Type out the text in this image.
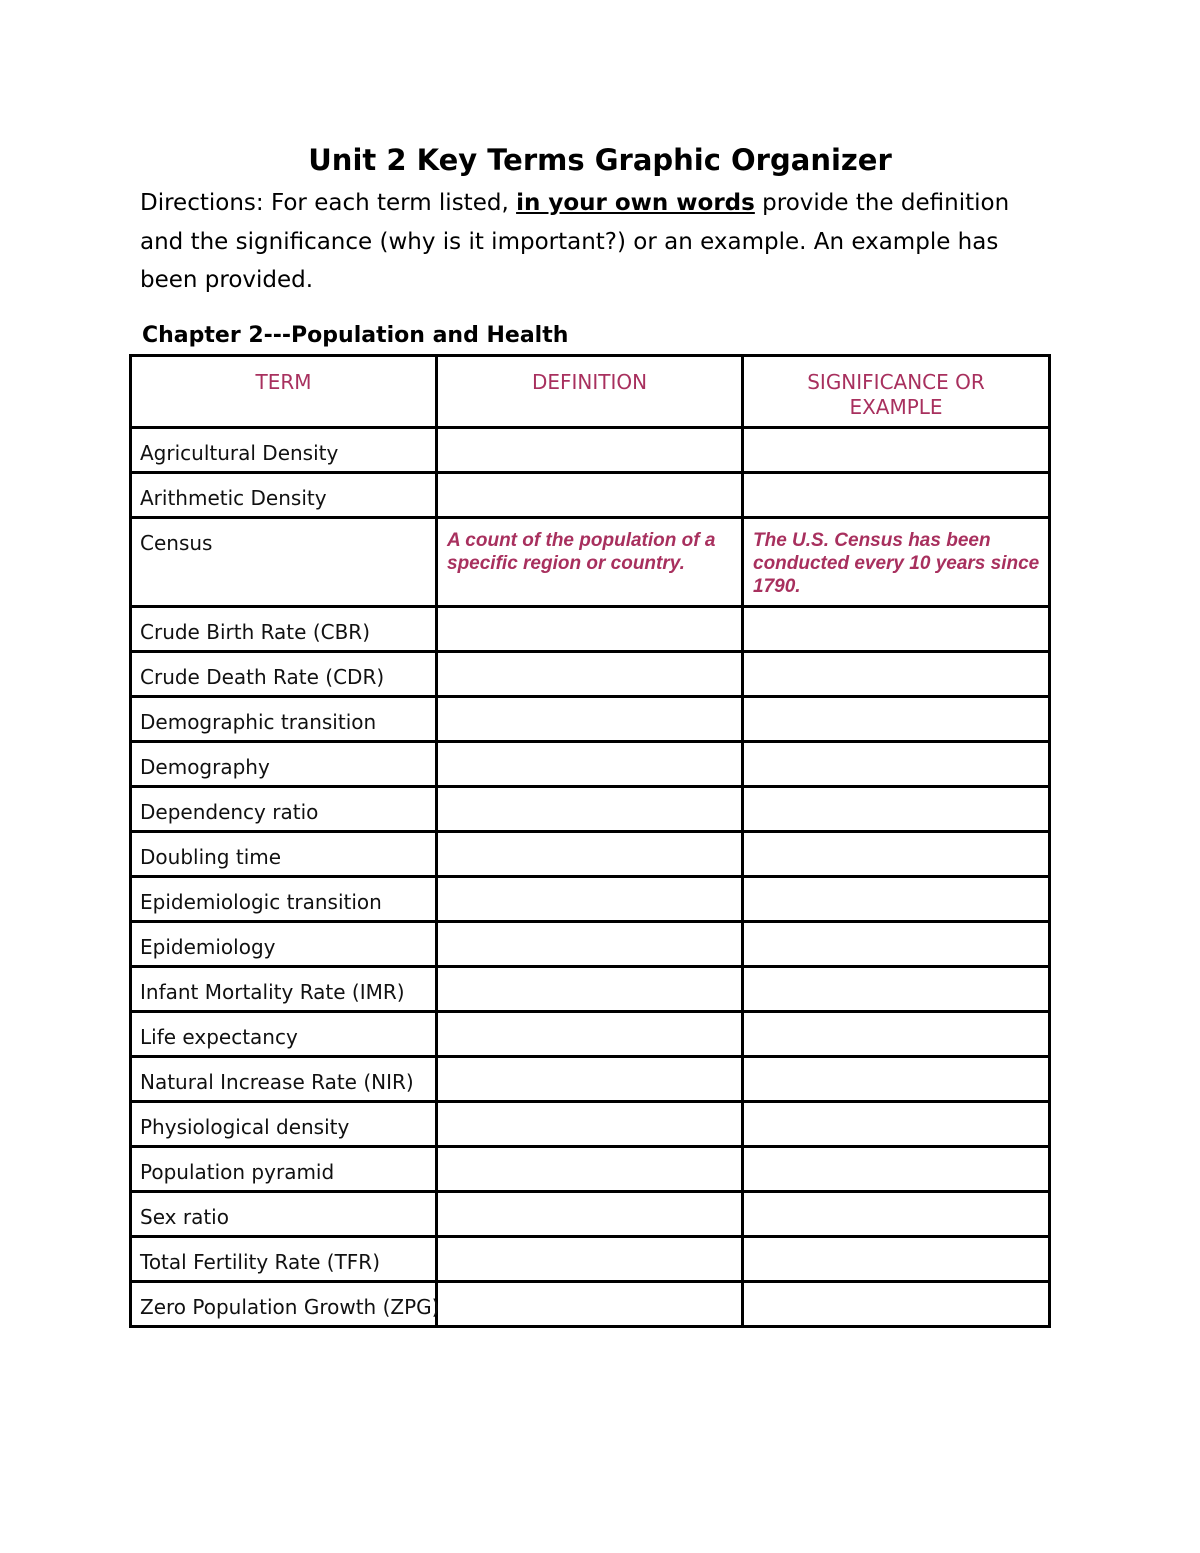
Unit 2 Key Terms Graphic Organizer
Directions: For each term listed, in your own words provide the definition and the significance (why is it important?) or an example. An example has been provided.
Chapter 2---Population and Health
TERM	DEFINITION	SIGNIFICANCE OR EXAMPLE
Agricultural Density		
Arithmetic Density		
Census	A count of the population of a specific region or country.	The U.S. Census has been conducted every 10 years since 1790.
Crude Birth Rate (CBR)		
Crude Death Rate (CDR)		
Demographic transition		
Demography		
Dependency ratio		
Doubling time		
Epidemiologic transition		
Epidemiology		
Infant Mortality Rate (IMR)		
Life expectancy		
Natural Increase Rate (NIR)		
Physiological density		
Population pyramid		
Sex ratio		
Total Fertility Rate (TFR)		
Zero Population Growth (ZPG)		
